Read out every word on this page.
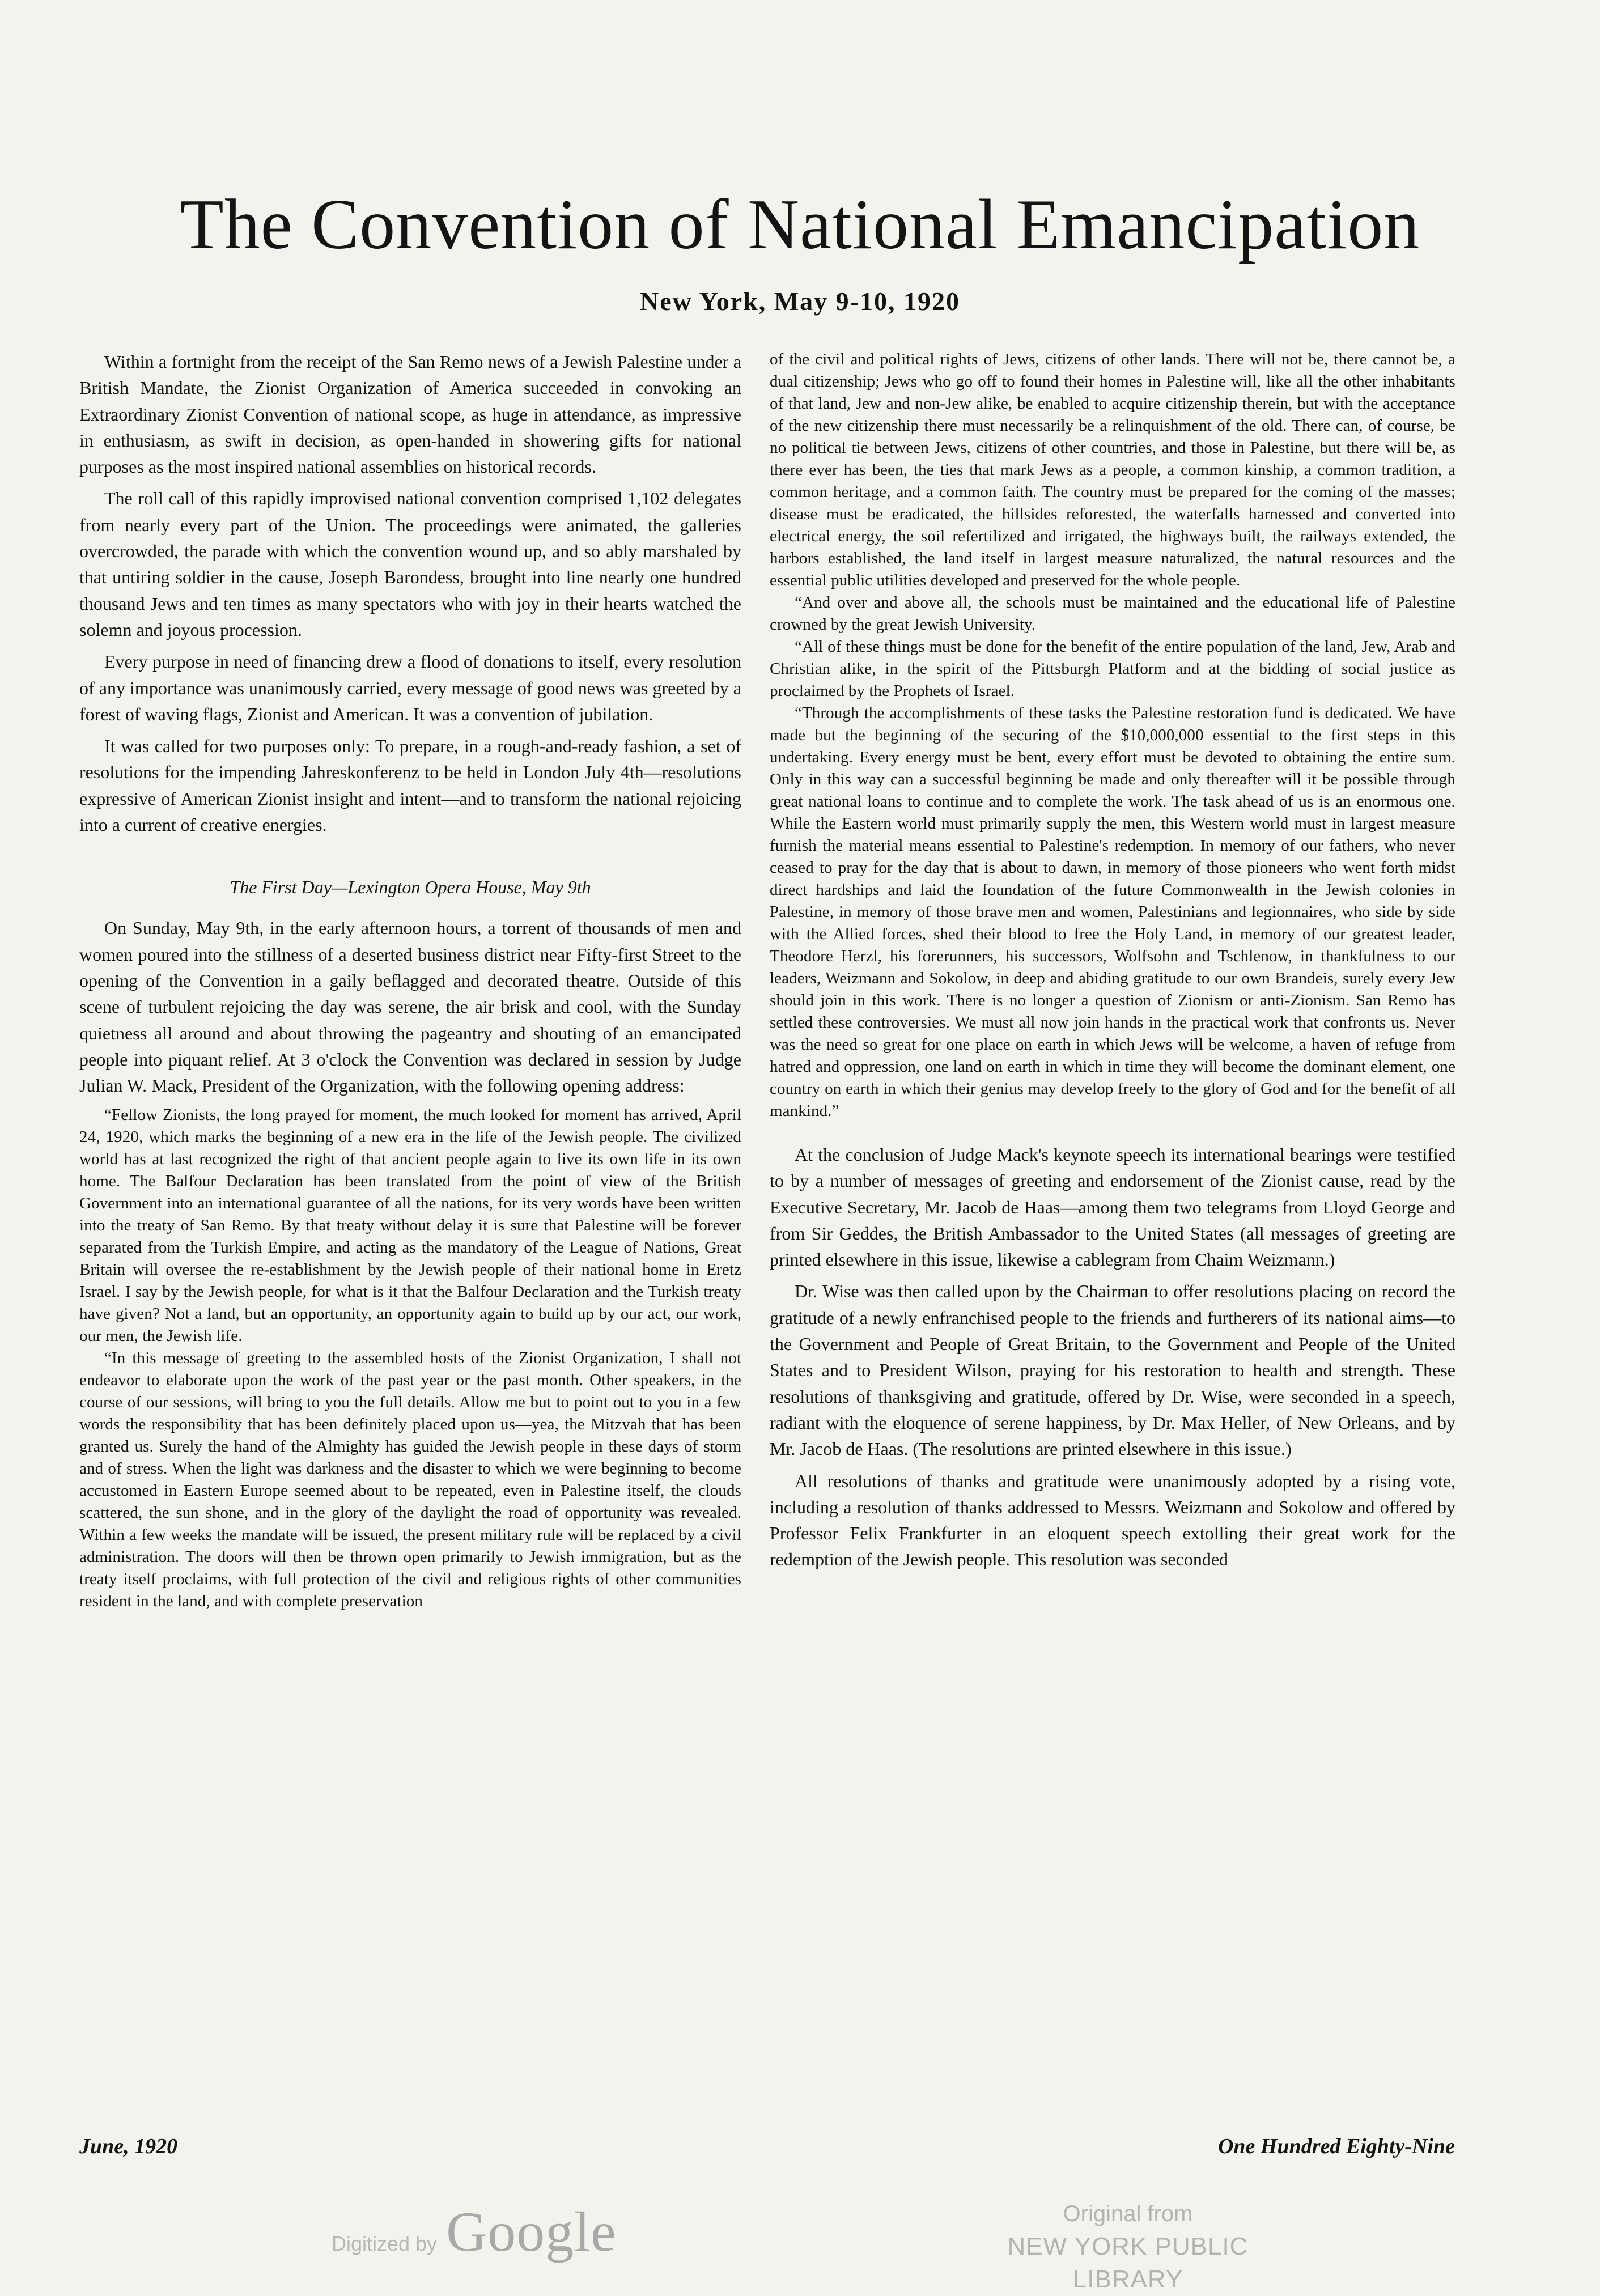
The Convention of National Emancipation
New York, May 9-10, 1920

Within a fortnight from the receipt of the San Remo news of a Jewish Palestine under a British Mandate, the Zionist Organization of America succeeded in convoking an Extraordinary Zionist Convention of national scope, as huge in attendance, as impressive in enthusiasm, as swift in decision, as open-handed in showering gifts for national purposes as the most inspired national assemblies on historical records.

The roll call of this rapidly improvised national convention comprised 1,102 delegates from nearly every part of the Union. The proceedings were animated, the galleries overcrowded, the parade with which the convention wound up, and so ably marshaled by that untiring soldier in the cause, Joseph Barondess, brought into line nearly one hundred thousand Jews and ten times as many spectators who with joy in their hearts watched the solemn and joyous procession.

Every purpose in need of financing drew a flood of donations to itself, every resolution of any importance was unanimously carried, every message of good news was greeted by a forest of waving flags, Zionist and American. It was a convention of jubilation.

It was called for two purposes only: To prepare, in a rough-and-ready fashion, a set of resolutions for the impending Jahreskonferenz to be held in London July 4th—resolutions expressive of American Zionist insight and intent—and to transform the national rejoicing into a current of creative energies.

The First Day—Lexington Opera House, May 9th

On Sunday, May 9th, in the early afternoon hours, a torrent of thousands of men and women poured into the stillness of a deserted business district near Fifty-first Street to the opening of the Convention in a gaily beflagged and decorated theatre. Outside of this scene of turbulent rejoicing the day was serene, the air brisk and cool, with the Sunday quietness all around and about throwing the pageantry and shouting of an emancipated people into piquant relief. At 3 o'clock the Convention was declared in session by Judge Julian W. Mack, President of the Organization, with the following opening address:

“Fellow Zionists, the long prayed for moment, the much looked for moment has arrived, April 24, 1920, which marks the beginning of a new era in the life of the Jewish people. The civilized world has at last recognized the right of that ancient people again to live its own life in its own home. The Balfour Declaration has been translated from the point of view of the British Government into an international guarantee of all the nations, for its very words have been written into the treaty of San Remo. By that treaty without delay it is sure that Palestine will be forever separated from the Turkish Empire, and acting as the mandatory of the League of Nations, Great Britain will oversee the re-establishment by the Jewish people of their national home in Eretz Israel. I say by the Jewish people, for what is it that the Balfour Declaration and the Turkish treaty have given? Not a land, but an opportunity, an opportunity again to build up by our act, our work, our men, the Jewish life.

“In this message of greeting to the assembled hosts of the Zionist Organization, I shall not endeavor to elaborate upon the work of the past year or the past month. Other speakers, in the course of our sessions, will bring to you the full details. Allow me but to point out to you in a few words the responsibility that has been definitely placed upon us—yea, the Mitzvah that has been granted us. Surely the hand of the Almighty has guided the Jewish people in these days of storm and of stress. When the light was darkness and the disaster to which we were beginning to become accustomed in Eastern Europe seemed about to be repeated, even in Palestine itself, the clouds scattered, the sun shone, and in the glory of the daylight the road of opportunity was revealed. Within a few weeks the mandate will be issued, the present military rule will be replaced by a civil administration. The doors will then be thrown open primarily to Jewish immigration, but as the treaty itself proclaims, with full protection of the civil and religious rights of other communities resident in the land, and with complete preservation

of the civil and political rights of Jews, citizens of other lands. There will not be, there cannot be, a dual citizenship; Jews who go off to found their homes in Palestine will, like all the other inhabitants of that land, Jew and non-Jew alike, be enabled to acquire citizenship therein, but with the acceptance of the new citizenship there must necessarily be a relinquishment of the old. There can, of course, be no political tie between Jews, citizens of other countries, and those in Palestine, but there will be, as there ever has been, the ties that mark Jews as a people, a common kinship, a common tradition, a common heritage, and a common faith. The country must be prepared for the coming of the masses; disease must be eradicated, the hillsides reforested, the waterfalls harnessed and converted into electrical energy, the soil refertilized and irrigated, the highways built, the railways extended, the harbors established, the land itself in largest measure naturalized, the natural resources and the essential public utilities developed and preserved for the whole people.

“And over and above all, the schools must be maintained and the educational life of Palestine crowned by the great Jewish University.

“All of these things must be done for the benefit of the entire population of the land, Jew, Arab and Christian alike, in the spirit of the Pittsburgh Platform and at the bidding of social justice as proclaimed by the Prophets of Israel.

“Through the accomplishments of these tasks the Palestine restoration fund is dedicated. We have made but the beginning of the securing of the $10,000,000 essential to the first steps in this undertaking. Every energy must be bent, every effort must be devoted to obtaining the entire sum. Only in this way can a successful beginning be made and only thereafter will it be possible through great national loans to continue and to complete the work. The task ahead of us is an enormous one. While the Eastern world must primarily supply the men, this Western world must in largest measure furnish the material means essential to Palestine's redemption. In memory of our fathers, who never ceased to pray for the day that is about to dawn, in memory of those pioneers who went forth midst direct hardships and laid the foundation of the future Commonwealth in the Jewish colonies in Palestine, in memory of those brave men and women, Palestinians and legionnaires, who side by side with the Allied forces, shed their blood to free the Holy Land, in memory of our greatest leader, Theodore Herzl, his forerunners, his successors, Wolfsohn and Tschlenow, in thankfulness to our leaders, Weizmann and Sokolow, in deep and abiding gratitude to our own Brandeis, surely every Jew should join in this work. There is no longer a question of Zionism or anti-Zionism. San Remo has settled these controversies. We must all now join hands in the practical work that confronts us. Never was the need so great for one place on earth in which Jews will be welcome, a haven of refuge from hatred and oppression, one land on earth in which in time they will become the dominant element, one country on earth in which their genius may develop freely to the glory of God and for the benefit of all mankind.”

At the conclusion of Judge Mack's keynote speech its international bearings were testified to by a number of messages of greeting and endorsement of the Zionist cause, read by the Executive Secretary, Mr. Jacob de Haas—among them two telegrams from Lloyd George and from Sir Geddes, the British Ambassador to the United States (all messages of greeting are printed elsewhere in this issue, likewise a cablegram from Chaim Weizmann.)

Dr. Wise was then called upon by the Chairman to offer resolutions placing on record the gratitude of a newly enfranchised people to the friends and furtherers of its national aims—to the Government and People of Great Britain, to the Government and People of the United States and to President Wilson, praying for his restoration to health and strength. These resolutions of thanksgiving and gratitude, offered by Dr. Wise, were seconded in a speech, radiant with the eloquence of serene happiness, by Dr. Max Heller, of New Orleans, and by Mr. Jacob de Haas. (The resolutions are printed elsewhere in this issue.)

All resolutions of thanks and gratitude were unanimously adopted by a rising vote, including a resolution of thanks addressed to Messrs. Weizmann and Sokolow and offered by Professor Felix Frankfurter in an eloquent speech extolling their great work for the redemption of the Jewish people. This resolution was seconded

June, 1920	One Hundred Eighty-Nine
Digitized by Google	Original from
NEW YORK PUBLIC LIBRARY
